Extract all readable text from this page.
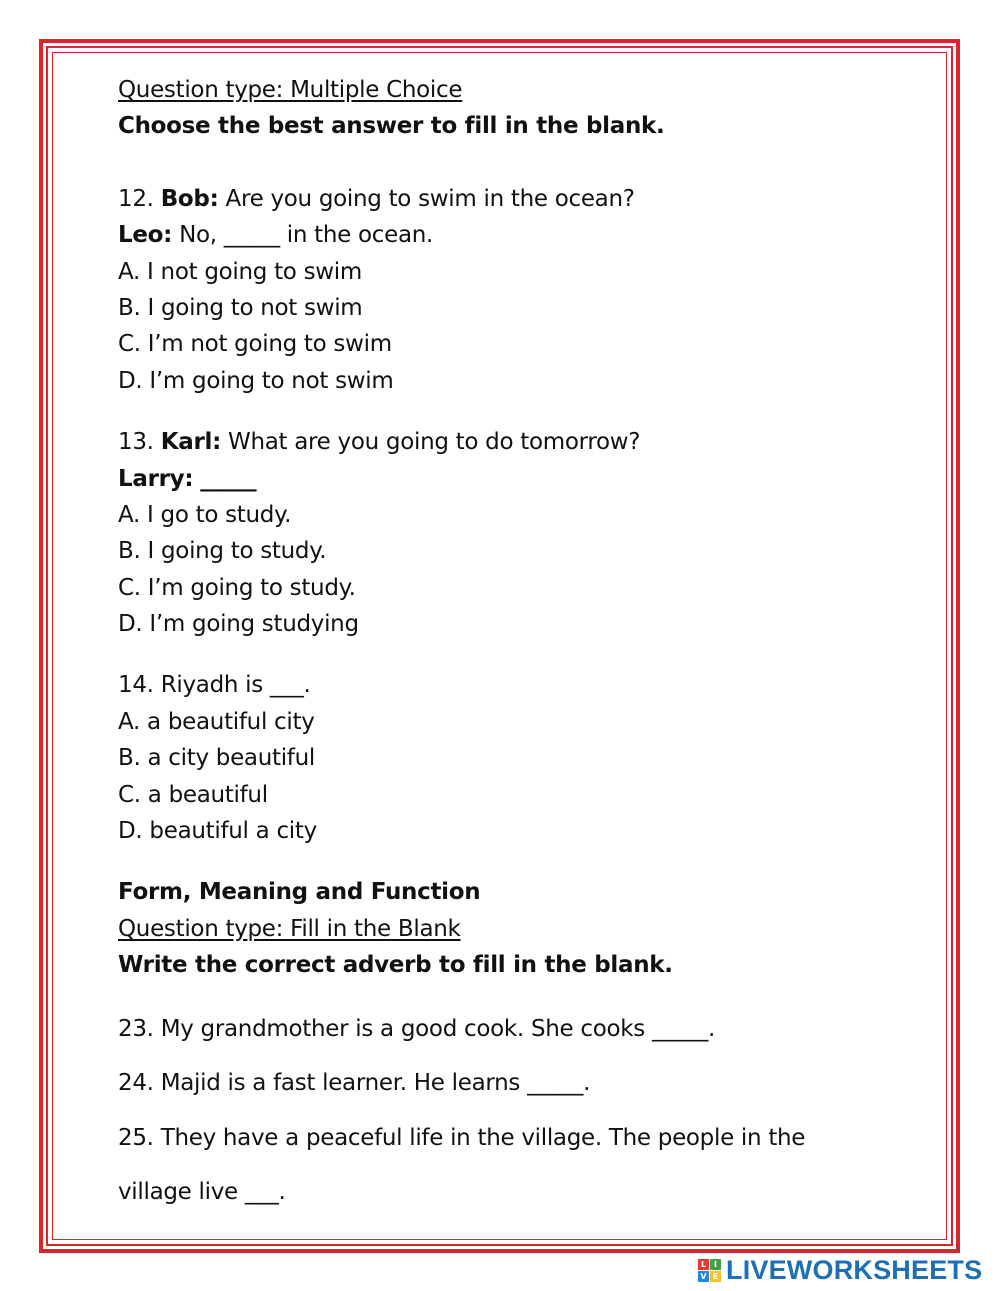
Question type: Multiple Choice
Choose the best answer to fill in the blank.
12. Bob: Are you going to swim in the ocean?
Leo: No, _____ in the ocean.
A. I not going to swim
B. I going to not swim
C. I’m not going to swim
D. I’m going to not swim
13. Karl: What are you going to do tomorrow?
Larry: _____
A. I go to study.
B. I going to study.
C. I’m going to study.
D. I’m going studying
14. Riyadh is ___.
A. a beautiful city
B. a city beautiful
C. a beautiful
D. beautiful a city
Form, Meaning and Function
Question type: Fill in the Blank
Write the correct adverb to fill in the blank.
23. My grandmother is a good cook. She cooks _____.
24. Majid is a fast learner. He learns _____.
25. They have a peaceful life in the village. The people in the
village live ___.
L I
V E LIVEWORKSHEETS
